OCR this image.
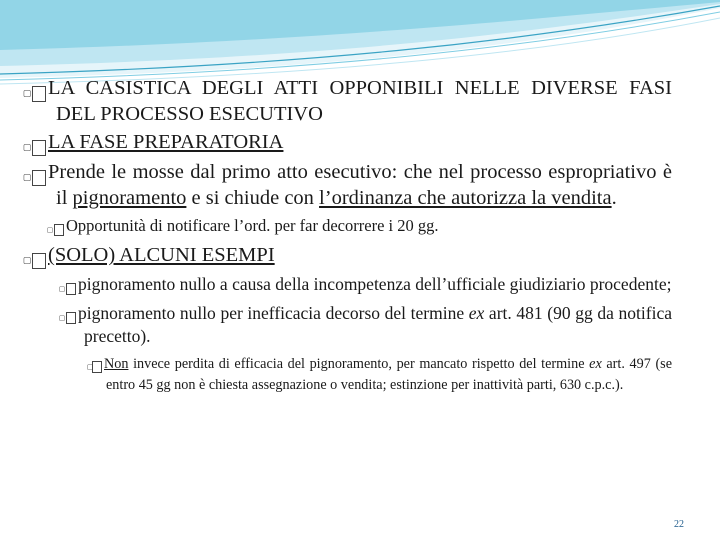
▢ LA CASISTICA DEGLI ATTI OPPONIBILI NELLE DIVERSE FASI DEL PROCESSO ESECUTIVO

▢ LA FASE PREPARATORIA

▢ Prende le mosse dal primo atto esecutivo: che nel processo espropriativo è il pignoramento e si chiude con l’ordinanza che autorizza la vendita.

▢ Opportunità di notificare l’ord. per far decorrere i 20 gg.

▢ (SOLO) ALCUNI ESEMPI

▢ pignoramento nullo a causa della incompetenza dell’ufficiale giudiziario procedente;

▢ pignoramento nullo per inefficacia decorso del termine ex art. 481 (90 gg da notifica precetto).

▢ Non invece perdita di efficacia del pignoramento, per mancato rispetto del termine ex art. 497 (se entro 45 gg non è chiesta assegnazione o vendita; estinzione per inattività parti, 630 c.p.c.).

22
